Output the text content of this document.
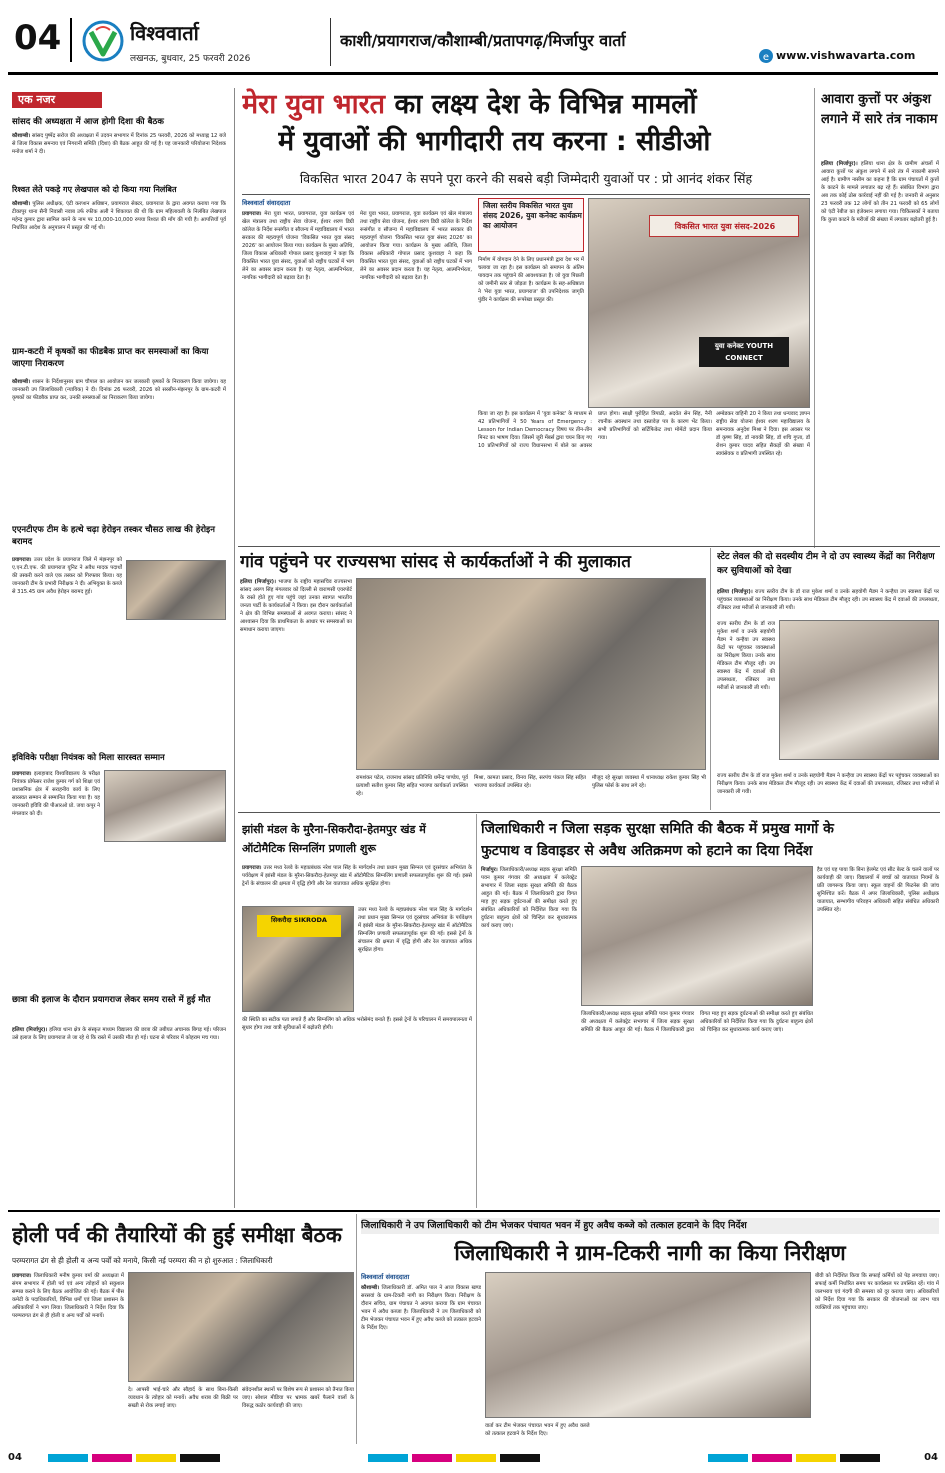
04	विश्ववार्ता
लखनऊ, बुधवार, 25 फरवरी 2026
काशी/प्रयागराज/कौशाम्बी/प्रतापगढ़/मिर्जापुर वार्ता
e www.vishwavarta.com
एक नजर
सांसद की अध्यक्षता में आज होगी दिशा की बैठक
कौशाम्बी। सांसद पुष्पेंद्र सरोज की अध्यक्षता में उदयन सभागार में दिनांक 25 फरवरी, 2026 को मध्याह्न 12 बजे से जिला विकास समन्वय एवं निगरानी समिति (दिशा) की बैठक आहूत की गई है। यह जानकारी परियोजना निदेशक मनोज शर्मा ने दी।
रिश्वत लेते पकड़े गए लेखपाल को दो किया गया निलंबित
कौशाम्बी। पुलिस अधीक्षक, एंटी करप्शन अधिष्ठान, प्रयागराज सेक्टर, प्रयागराज के द्वारा अवगत कराया गया कि टीकापुर थाना सैनी निवासी नवाब उर्फ रफीक अली ने शिकायत की थी कि ग्राम महिलावली के निलंबित लेखपाल महेन्द्र कुमार द्वारा सामिल करने के नाम पर 10,000-10,000 रुपया रिश्वत की माँग की गयी है। आपत्तियाँ पूर्व निर्धारित आदेश के अनुपालन में प्रस्तुत की गई थी।
ग्राम-कटरी में कृषकों का फीडबैक प्राप्त कर समस्याओं का किया जाएगा निराकरण
कौशाम्बी। शासन के निर्देशानुसार ग्राम चौपाल का आयोजन कर जलकारी कृषकों के निराकरण किया जायेगा। यह जानकारी उप जिलाधिकारी (न्यायिक) ने दी। दिनांक 26 फरवरी, 2026 को सरसीन-मंझनपुर के ग्राम-कटरी में कृषकों का फीडबैक प्राप्त कर, उनकी समस्याओं का निराकरण किया जायेगा।
एएनटीएफ टीम के हत्थे चढ़ा हेरोइन तस्कर चौसठ लाख की हेरोइन बरामद
प्रयागराज। उत्तर प्रदेश के प्रयागराज जिले में मंझनपुर को ए.एन.टी.एफ. की प्रयागराज यूनिट ने अवैध मादक पदार्थों की तस्करी करने वाले एक तस्कर को गिरफ्तार किया। यह जानकारी टीम के प्रभारी निरीक्षक ने दी। अभियुक्त के कब्जे से 315.45 ग्राम अवैध हेरोइन बरामद हुई।
इविविके परीक्षा नियंत्रक को मिला सारस्वत सम्मान
प्रयागराज। इलाहाबाद विश्वविद्यालय के परीक्षा नियंत्रक प्रोफेसर राजेश कुमार गर्ग को शिक्षा एवं प्रशासनिक क्षेत्र में सराहनीय कार्य के लिए सारस्वत सम्मान से सम्मानित किया गया है। यह जानकारी इविवि की पीआरओ प्रो. जया कपूर ने मंगलवार को दी।
छात्रा की इलाज के दौरान प्रयागराज लेकर समय रास्ते में हुई मौत
हलिया (मिर्जापुर)। हलिया थाना क्षेत्र के संस्कृत माध्यम विद्यालय की छात्रा की तबीयत अचानक बिगड़ गई। परिजन उसे इलाज के लिए प्रयागराज ले जा रहे थे कि रास्ते में उसकी मौत हो गई। घटना से परिवार में कोहराम मच गया।
मेरा युवा भारत का लक्ष्य देश के विभिन्न मामलों
में युवाओं की भागीदारी तय करना : सीडीओ
विकसित भारत 2047 के सपने पूरा करने की सबसे बड़ी जिम्मेदारी युवाओं पर : प्रो आनंद शंकर सिंह
विश्ववार्ता संवाददाता
प्रयागराज। मेरा युवा भारत, प्रयागराज, युवा कार्यक्रम एवं खेल मंत्रालय तथा राष्ट्रीय सेवा योजना, ईश्वर शरण डिग्री कॉलेज के निर्देश रूसंगीत व सौजन्य में महाविद्यालय में भारत सरकार की महत्वपूर्ण योजना 'विकसित भारत युवा संसद 2026' का आयोजन किया गया। कार्यक्रम के मुख्य अतिथि, जिला विकास अधिकारी गोपाल प्रसाद कुशवाहा ने कहा कि विकसित भारत युवा संसद, युवाओं को राष्ट्रीय घटकों में भाग लेने का अवसर प्रदान करता है। यह नेतृत्व, आत्मनिर्भरता, नागरिक भागीदारी को बढ़ावा देता है।
मेरा युवा भारत, प्रयागराज, युवा कार्यक्रम एवं खेल मंत्रालय तथा राष्ट्रीय सेवा योजना, ईश्वर शरण डिग्री कॉलेज के निर्देश रूसंगीत व सौजन्य में महाविद्यालय में भारत सरकार की महत्वपूर्ण योजना 'विकसित भारत युवा संसद 2026' का आयोजन किया गया। कार्यक्रम के मुख्य अतिथि, जिला विकास अधिकारी गोपाल प्रसाद कुशवाहा ने कहा कि विकसित भारत युवा संसद, युवाओं को राष्ट्रीय घटकों में भाग लेने का अवसर प्रदान करता है। यह नेतृत्व, आत्मनिर्भरता, नागरिक भागीदारी को बढ़ावा देता है।
जिला स्तरीय विकसित भारत युवा संसद 2026, युवा कनेक्ट कार्यक्रम का आयोजन
निर्माण में योगदान देने के लिए प्रधानमंत्री द्वारा देश भर में चलाया जा रहा है। इस कार्यक्रम को समापन के अंतिम पायदान तक पहुंचाने की आवश्यकता है। जो युवा पिछली को जमीनी स्तर से जोड़ता है। कार्यक्रम के सह-अधिष्ठाता ने 'मेरा युवा भारत, प्रयागराज' की उपनिदेशक जागृति पुंडीर ने कार्यक्रम की रूपरेखा प्रस्तुत की।
विकसित भारत युवा संसद-2026
युवा कनेक्ट YOUTH CONNECT
किया जा रहा है। इस कार्यक्रम में 'युवा कनेक्ट' के माध्यम से 42 प्रतिभागियों ने 50 Years of Emergency : Lesson for Indian Democracy विषय पर तीन-तीन मिनट का भाषण दिया। जिसमें जूरी मेंबर्स द्वारा चयन किए गए 10 प्रतिभागियों को राज्य विधानसभा में बोले का अवसर प्राप्त होगा। साक्षी पुरोहित त्रिपाठी, अदवेत सेन सिंह, नैनी रचनीक अवस्थान तथा दस्तावेज़ पत्र के कारण भेंट किया। सभी प्रतिभागियों को सर्टिफिकेट तथा मोमेंटो प्रदान किया गया।
अम्बेडकर वाहिनी 20 ने किया तथा धन्यवाद ज्ञापन राष्ट्रीय सेवा योजना ईश्वर शरण महाविद्यालय के समन्वयक अनुदेश मिश्रा ने दिया। इस अवसर पर डॉ कृष्ण सिंह, डॉ नायकी सिंह, डॉ शचि गुप्ता, डॉ रोशन कुमार यादव सहित सैकड़ों की संख्या में स्वयंसेवक व प्रतिभागी उपस्थित रहे।
आवारा कुत्तों पर अंकुश लगाने में सारे तंत्र नाकाम
हलिया (मिर्जापुर)। हलिया थाना क्षेत्र के ग्रामीण अंचलों में आवारा कुत्तों पर अंकुश लगाने में सारे तंत्र में नाकामी सामने आई है। ग्रामीण नासीम का कहना है कि ग्राम पंचायतों में कुत्तों के काटने के मामले लगातार बढ़ रहे हैं। संबंधित विभाग द्वारा अब तक कोई ठोस कार्रवाई नहीं की गई है। जनवरी से अनुसार 23 फरवरी तक 12 लोगों को तीन 21 फरवरी को 65 लोगों को एंटी रेबीज का इंजेक्शन लगाया गया। चिकित्सकों ने बताया कि कुत्ता काटने के मरीजों की संख्या में लगातार बढ़ोतरी हुई है।
गांव पहुंचने पर राज्यसभा सांसद से कार्यकर्ताओं ने की मुलाकात
हलिया (मिर्जापुर)। भाजपा के राष्ट्रीय महासचिव राज्यसभा सांसद अरुण सिंह मंगलवार को दिल्ली से वाराणसी एयरपोर्ट के रास्ते होते हुए गांव पहुंचे जहां उनका स्वागत भारतीय जनता पार्टी के कार्यकर्ताओं ने किया। इस दौरान कार्यकर्ताओं ने क्षेत्र की विभिन्न समस्याओं से अवगत कराया। सांसद ने आश्वासन दिया कि प्राथमिकता के आधार पर समस्याओं का समाधान कराया जाएगा।
रामशंकर पटेल, राजनाथ सांसद प्रतिनिधि धर्मेन्द्र पाण्डेय, पूर्व प्रत्याशी सतीश कुमार सिंह सहित भाजपा कार्यकर्ता उपस्थित रहे।
मिश्रा, कामता प्रसाद, विनय सिंह, सरपंच पंकज सिंह सहित भाजपा कार्यकर्ता उपस्थित रहे।
मौजूद रहे सुरक्षा व्यवस्था में थानाध्यक्ष राकेश कुमार सिंह भी पुलिस फोर्स के साथ लगे रहे।
स्टेट लेवल की दो सदस्यीय टीम ने दो उप स्वास्थ्य केंद्रों का निरीक्षण कर सुविधाओं को देखा
हलिया (मिर्जापुर)। राज्य स्तरीय टीम के डॉ राज मुकेश शर्मा व उनके सहयोगी मैडम ने कन्हैया उप स्वास्थ्य केंद्रों पर पहुंचकर व्यवस्थाओं का निरीक्षण किया। उनके साथ मेडिकल टीम मौजूद रही। उप स्वास्थ्य केंद्र में दवाओं की उपलब्धता, रजिस्टर तथा मरीजों से जानकारी ली गयी।
राज्य स्तरीय टीम के डॉ राज मुकेश शर्मा व उनके सहयोगी मैडम ने कन्हैया उप स्वास्थ्य केंद्रों पर पहुंचकर व्यवस्थाओं का निरीक्षण किया। उनके साथ मेडिकल टीम मौजूद रही। उप स्वास्थ्य केंद्र में दवाओं की उपलब्धता, रजिस्टर तथा मरीजों से जानकारी ली गयी।
राज्य स्तरीय टीम के डॉ राज मुकेश शर्मा व उनके सहयोगी मैडम ने कन्हैया उप स्वास्थ्य केंद्रों पर पहुंचकर व्यवस्थाओं का निरीक्षण किया। उनके साथ मेडिकल टीम मौजूद रही। उप स्वास्थ्य केंद्र में दवाओं की उपलब्धता, रजिस्टर तथा मरीजों से जानकारी ली गयी।
झांसी मंडल के मुरैना-सिकरौदा-हेतमपुर खंड में ऑटोमैटिक सिग्नलिंग प्रणाली शुरू
प्रयागराज। उत्तर मध्य रेलवे के महाप्रबंधक नरेश पाल सिंह के मार्गदर्शन तथा प्रधान मुख्य सिग्नल एवं दूरसंचार अभियंता के पर्यवेक्षण में झांसी मंडल के मुरैना-सिकरौदा-हेतमपुर खंड में ऑटोमैटिक सिग्नलिंग प्रणाली सफलतापूर्वक शुरू की गई। इससे ट्रेनों के संचालन की क्षमता में वृद्धि होगी और रेल यातायात अधिक सुरक्षित होगा।
सिकरौदा SIKRODA
उत्तर मध्य रेलवे के महाप्रबंधक नरेश पाल सिंह के मार्गदर्शन तथा प्रधान मुख्य सिग्नल एवं दूरसंचार अभियंता के पर्यवेक्षण में झांसी मंडल के मुरैना-सिकरौदा-हेतमपुर खंड में ऑटोमैटिक सिग्नलिंग प्रणाली सफलतापूर्वक शुरू की गई। इससे ट्रेनों के संचालन की क्षमता में वृद्धि होगी और रेल यातायात अधिक सुरक्षित होगा।
की स्थिति का सटीक पता लगाते हैं और सिग्नलिंग को अधिक भरोसेमंद बनाते हैं। इससे ट्रेनों के परिचालन में समयपालनता में सुधार होगा तथा यात्री सुविधाओं में बढ़ोतरी होगी।
जिलाधिकारी न जिला सड़क सुरक्षा समिति की बैठक में प्रमुख मार्गो के
फुटपाथ व डिवाइडर से अवैध अतिक्रमण को हटाने का दिया निर्देश
मिर्जापुर। जिलाधिकारी/अध्यक्ष सड़क सुरक्षा समिति पवन कुमार गंगवार की अध्यक्षता में कलेक्ट्रेट सभागार में जिला सड़क सुरक्षा समिति की बैठक आहूत की गई। बैठक में जिलाधिकारी द्वारा विगत माह हुए सड़क दुर्घटनाओं की समीक्षा करते हुए संबंधित अधिकारियों को निर्देशित किया गया कि दुर्घटना बाहुल्य क्षेत्रों को चिन्हित कर सुधारात्मक कार्य कराए जाएं।
जिलाधिकारी/अध्यक्ष सड़क सुरक्षा समिति पवन कुमार गंगवार की अध्यक्षता में कलेक्ट्रेट सभागार में जिला सड़क सुरक्षा समिति की बैठक आहूत की गई। बैठक में जिलाधिकारी द्वारा विगत माह हुए सड़क दुर्घटनाओं की समीक्षा करते हुए संबंधित अधिकारियों को निर्देशित किया गया कि दुर्घटना बाहुल्य क्षेत्रों को चिन्हित कर सुधारात्मक कार्य कराए जाएं।
हैड एवं यह पाया कि बिना हेलमेट एवं सीट बेल्ट के चलने वालों पर कार्यवाही की जाए। विद्यालयों में बच्चों को यातायात नियमों के प्रति जागरूक किया जाए। स्कूल वाहनों की फिटनेस की जांच सुनिश्चित करें। बैठक में अपर जिलाधिकारी, पुलिस अधीक्षक यातायात, सम्भागीय परिवहन अधिकारी सहित संबंधित अधिकारी उपस्थित रहे।
होली पर्व की तैयारियों की हुई समीक्षा बैठक
परम्परागत ढंग से ही होली व अन्य पर्वों को मनाये, किसी नई परम्परा की न हो शुरुआत : जिलाधिकारी
प्रयागराज। जिलाधिकारी मनीष कुमार वर्मा की अध्यक्षता में संगम सभागार में होली पर्व एवं अन्य त्योहारों को सकुशल सम्पन्न कराने के लिए बैठक आयोजित की गई। बैठक में पीस कमेटी के पदाधिकारियों, विभिन्न धर्मों एवं जिला प्रशासन के अधिकारियों ने भाग लिया। जिलाधिकारी ने निर्देश दिया कि परम्परागत ढंग से ही होली व अन्य पर्वों को मनायें।
दे। आपसी भाई-चारे और सौहार्द के साथ बिना-किसी व्यवधान के त्योहार को मनायें। अवैध शराब की बिक्री पर सख्ती से रोक लगाई जाए।
संवेदनशील स्थानों पर विशेष रूप से प्रशासन को तैनात किया जाए। सोशल मीडिया पर भ्रामक खबरें फैलाने वालों के विरुद्ध कठोर कार्यवाही की जाए।
जिलाधिकारी ने उप जिलाधिकारी को टीम भेजकर पंचायत भवन में हुए अवैध कब्जे को तत्काल हटवाने के दिए निर्देश
जिलाधिकारी ने ग्राम-टिकरी नागी का किया निरीक्षण
विश्ववार्ता संवाददाता
कौशाम्बी। जिलाधिकारी डॉ. अमित पाल ने आज विकास खण्ड सरसवां के ग्राम-टिकरी नागी का निरीक्षण किया। निरीक्षण के दौरान सचिव, ग्राम पंचायत ने अवगत कराया कि ग्राम पंचायत भवन में अवैध कब्जा है। जिलाधिकारी ने उप जिलाधिकारी को टीम भेजकर पंचायत भवन में हुए अवैध कब्जे को तत्काल हटवाने के निर्देश दिए।
वार्ता कर टीम भेजकर पंचायत भवन में हुए अवैध कब्जे को तत्काल हटवाने के निर्देश दिए।
बीवी को निर्देशित किया कि सफाई कर्मियों को पेड़ लगवाया जाए। सफाई कर्मी निर्धारित समय पर कार्यस्थल पर उपस्थित रहें। गांव में जलभराव एवं गंदगी की समस्या को दूर कराया जाए। अधिकारियों को निर्देश दिया गया कि सरकार की योजनाओं का लाभ पात्र व्यक्तियों तक पहुंचाया जाए।
04	04
